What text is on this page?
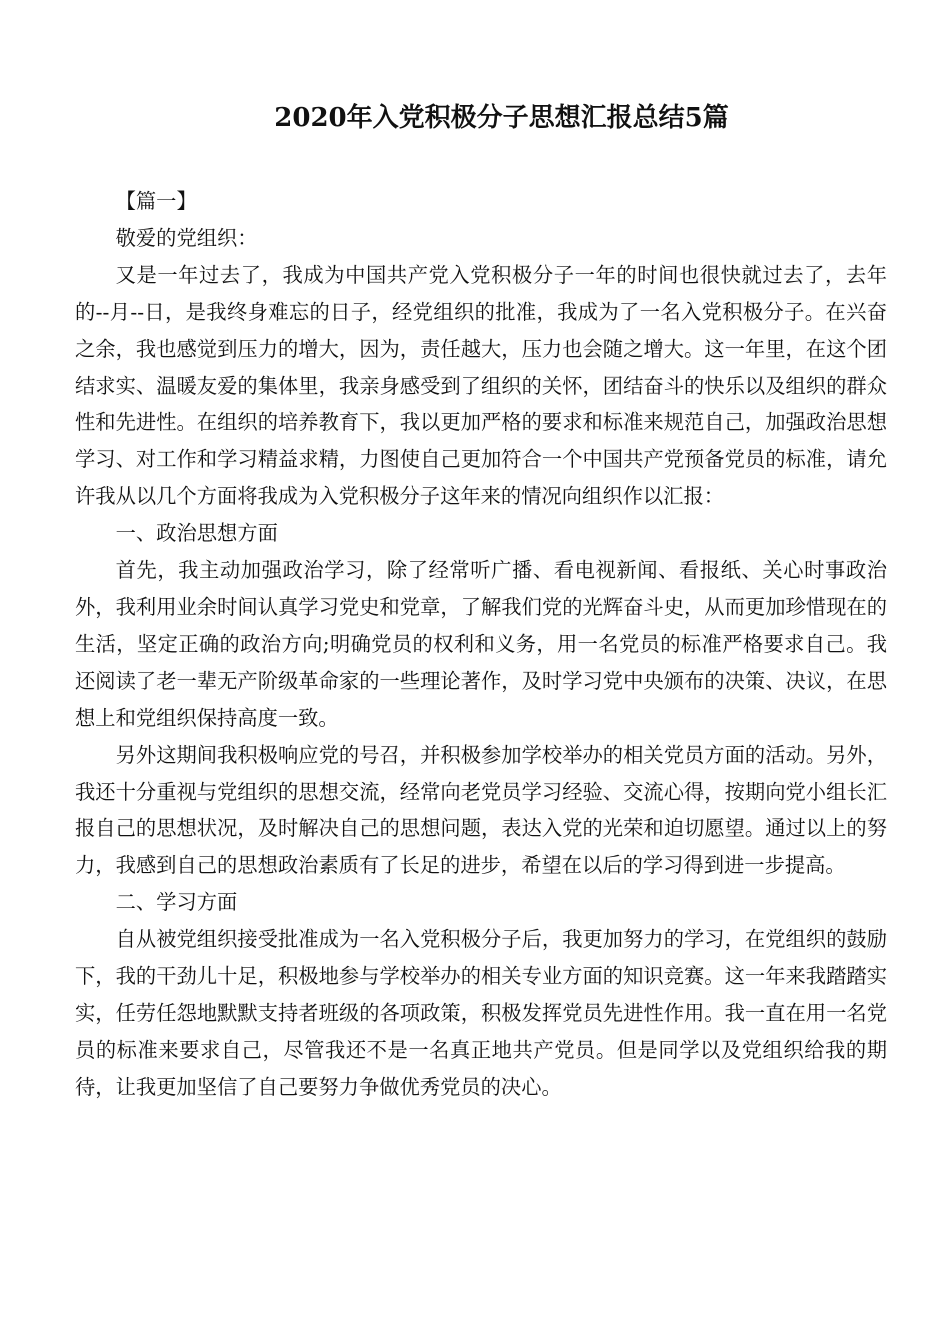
2020年入党积极分子思想汇报总结5篇

【篇一】

敬爱的党组织：

又是一年过去了，我成为中国共产党入党积极分子一年的时间也很快就过去了，去年的--月--日，是我终身难忘的日子，经党组织的批准，我成为了一名入党积极分子。在兴奋之余，我也感觉到压力的增大，因为，责任越大，压力也会随之增大。这一年里，在这个团结求实、温暖友爱的集体里，我亲身感受到了组织的关怀，团结奋斗的快乐以及组织的群众性和先进性。在组织的培养教育下，我以更加严格的要求和标准来规范自己，加强政治思想学习、对工作和学习精益求精，力图使自己更加符合一个中国共产党预备党员的标准，请允许我从以几个方面将我成为入党积极分子这年来的情况向组织作以汇报：

一、政治思想方面

首先，我主动加强政治学习，除了经常听广播、看电视新闻、看报纸、关心时事政治外，我利用业余时间认真学习党史和党章，了解我们党的光辉奋斗史，从而更加珍惜现在的生活，坚定正确的政治方向;明确党员的权利和义务，用一名党员的标准严格要求自己。我还阅读了老一辈无产阶级革命家的一些理论著作，及时学习党中央颁布的决策、决议，在思想上和党组织保持高度一致。

另外这期间我积极响应党的号召，并积极参加学校举办的相关党员方面的活动。另外，我还十分重视与党组织的思想交流，经常向老党员学习经验、交流心得，按期向党小组长汇报自己的思想状况，及时解决自己的思想问题，表达入党的光荣和迫切愿望。通过以上的努力，我感到自己的思想政治素质有了长足的进步，希望在以后的学习得到进一步提高。

二、学习方面

自从被党组织接受批准成为一名入党积极分子后，我更加努力的学习，在党组织的鼓励下，我的干劲儿十足，积极地参与学校举办的相关专业方面的知识竞赛。这一年来我踏踏实实，任劳任怨地默默支持者班级的各项政策，积极发挥党员先进性作用。我一直在用一名党员的标准来要求自己，尽管我还不是一名真正地共产党员。但是同学以及党组织给我的期待，让我更加坚信了自己要努力争做优秀党员的决心。
